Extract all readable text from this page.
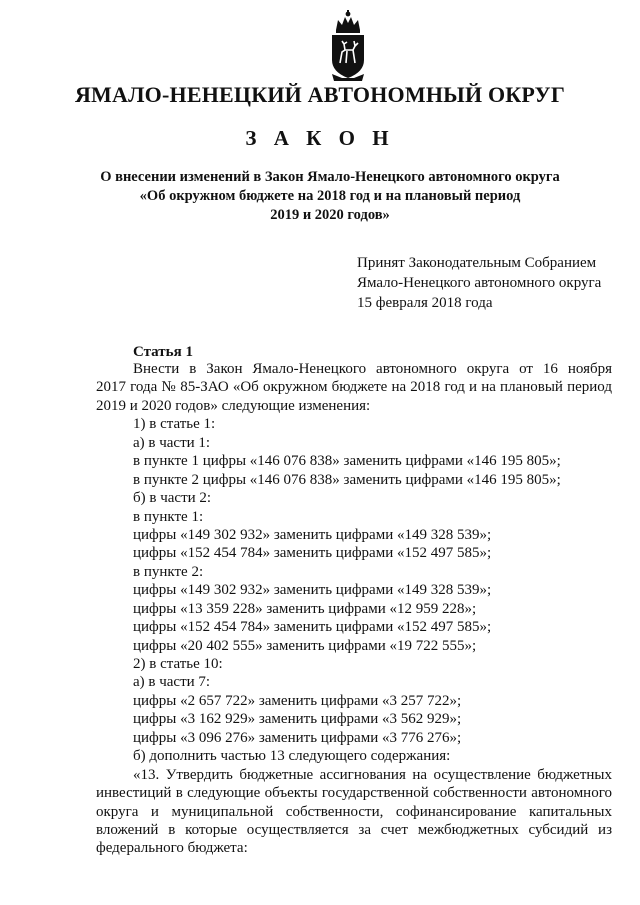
ЯМАЛО-НЕНЕЦКИЙ АВТОНОМНЫЙ ОКРУГ
З А К О Н
О внесении изменений в Закон Ямало-Ненецкого автономного округа
«Об окружном бюджете на 2018 год и на плановый период
2019 и 2020 годов»
Принят Законодательным Собранием
Ямало-Ненецкого автономного округа
15 февраля 2018 года
Статья 1
Внести в Закон Ямало-Ненецкого автономного округа от 16 ноября
2017 года № 85-ЗАО «Об окружном бюджете на 2018 год и на плановый период
2019 и 2020 годов» следующие изменения:
1) в статье 1:
а) в части 1:
в пункте 1 цифры «146 076 838» заменить цифрами «146 195 805»;
в пункте 2 цифры «146 076 838» заменить цифрами «146 195 805»;
б) в части 2:
в пункте 1:
цифры «149 302 932» заменить цифрами «149 328 539»;
цифры «152 454 784» заменить цифрами «152 497 585»;
в пункте 2:
цифры «149 302 932» заменить цифрами «149 328 539»;
цифры «13 359 228» заменить цифрами «12 959 228»;
цифры «152 454 784» заменить цифрами «152 497 585»;
цифры «20 402 555» заменить цифрами «19 722 555»;
2) в статье 10:
а) в части 7:
цифры «2 657 722» заменить цифрами «3 257 722»;
цифры «3 162 929» заменить цифрами «3 562 929»;
цифры «3 096 276» заменить цифрами «3 776 276»;
б) дополнить частью 13 следующего содержания:
«13. Утвердить бюджетные ассигнования на осуществление бюджетных
инвестиций в следующие объекты государственной собственности автономного
округа и муниципальной собственности, софинансирование капитальных
вложений в которые осуществляется за счет межбюджетных субсидий из
федерального бюджета:
